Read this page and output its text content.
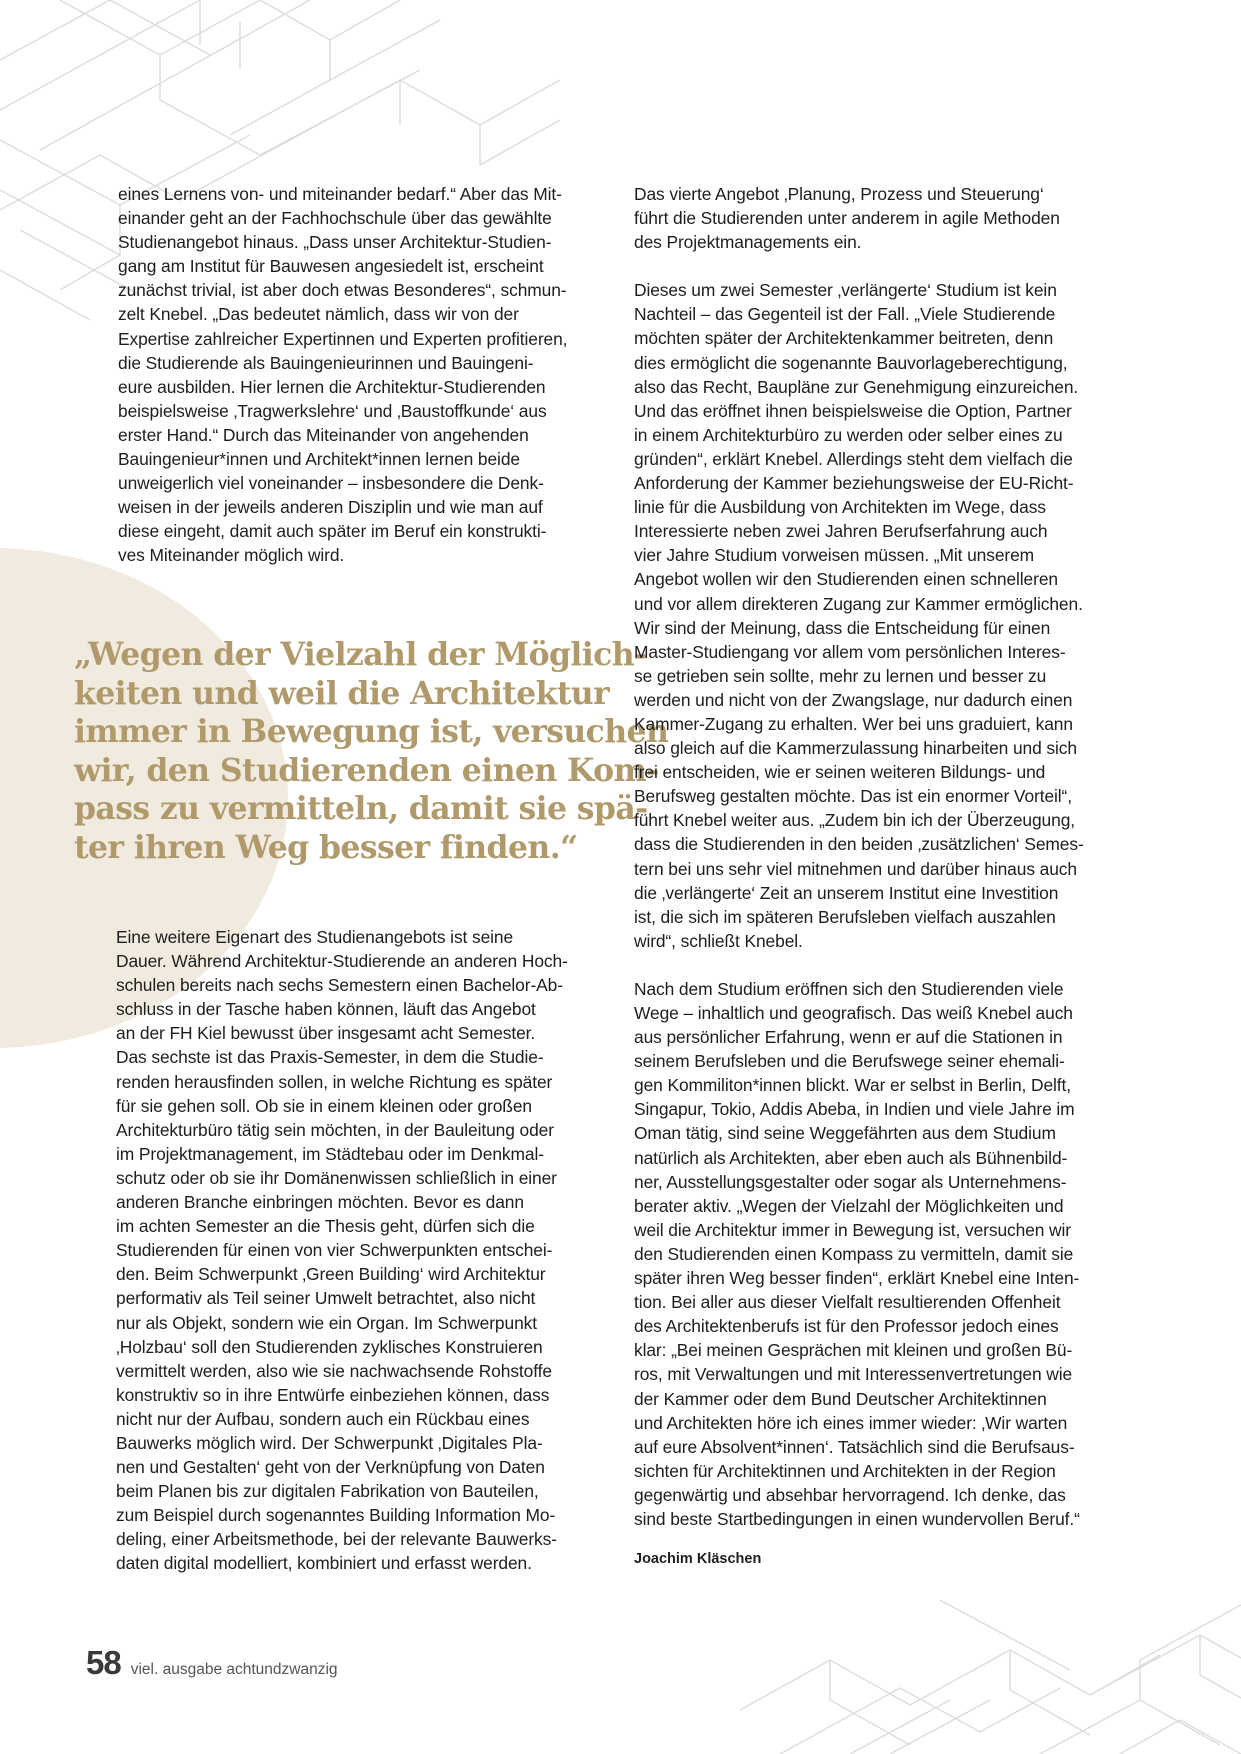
eines Lernens von- und miteinander bedarf.“ Aber das Mit-

einander geht an der Fachhochschule über das gewählte

Studienangebot hinaus. „Dass unser Architektur-Studien-

gang am Institut für Bauwesen angesiedelt ist, erscheint

zunächst trivial, ist aber doch etwas Besonderes“, schmun-

zelt Knebel. „Das bedeutet nämlich, dass wir von der

Expertise zahlreicher Expertinnen und Experten profitieren,

die Studierende als Bauingenieurinnen und Bauingeni-

eure ausbilden. Hier lernen die Architektur-Studierenden

beispielsweise ‚Tragwerkslehre‘ und ‚Baustoffkunde‘ aus

erster Hand.“ Durch das Miteinander von angehenden

Bauingenieur*innen und Architekt*innen lernen beide

unweigerlich viel voneinander – insbesondere die Denk-

weisen in der jeweils anderen Disziplin und wie man auf

diese eingeht, damit auch später im Beruf ein konstrukti-

ves Miteinander möglich wird.

„Wegen der Vielzahl der Möglich-
keiten und weil die Architektur
immer in Bewegung ist, versuchen
wir, den Studierenden einen Kom-
pass zu vermitteln, damit sie spä-
ter ihren Weg besser finden.“

Eine weitere Eigenart des Studienangebots ist seine

Dauer. Während Architektur-Studierende an anderen Hoch-

schulen bereits nach sechs Semestern einen Bachelor-Ab-

schluss in der Tasche haben können, läuft das Angebot

an der FH Kiel bewusst über insgesamt acht Semester.

Das sechste ist das Praxis-Semester, in dem die Studie-

renden herausfinden sollen, in welche Richtung es später

für sie gehen soll. Ob sie in einem kleinen oder großen

Architekturbüro tätig sein möchten, in der Bauleitung oder

im Projektmanagement, im Städtebau oder im Denkmal-

schutz oder ob sie ihr Domänenwissen schließlich in einer

anderen Branche einbringen möchten. Bevor es dann

im achten Semester an die Thesis geht, dürfen sich die

Studierenden für einen von vier Schwerpunkten entschei-

den. Beim Schwerpunkt ‚Green Building‘ wird Architektur

performativ als Teil seiner Umwelt betrachtet, also nicht

nur als Objekt, sondern wie ein Organ. Im Schwerpunkt

‚Holzbau‘ soll den Studierenden zyklisches Konstruieren

vermittelt werden, also wie sie nachwachsende Rohstoffe

konstruktiv so in ihre Entwürfe einbeziehen können, dass

nicht nur der Aufbau, sondern auch ein Rückbau eines

Bauwerks möglich wird. Der Schwerpunkt ‚Digitales Pla-

nen und Gestalten‘ geht von der Verknüpfung von Daten

beim Planen bis zur digitalen Fabrikation von Bauteilen,

zum Beispiel durch sogenanntes Building Information Mo-

deling, einer Arbeitsmethode, bei der relevante Bauwerks-

daten digital modelliert, kombiniert und erfasst werden.

Das vierte Angebot ‚Planung, Prozess und Steuerung‘

führt die Studierenden unter anderem in agile Methoden

des Projektmanagements ein.

Dieses um zwei Semester ‚verlängerte‘ Studium ist kein

Nachteil – das Gegenteil ist der Fall. „Viele Studierende

möchten später der Architektenkammer beitreten, denn

dies ermöglicht die sogenannte Bauvorlageberechtigung,

also das Recht, Baupläne zur Genehmigung einzureichen.

Und das eröffnet ihnen beispielsweise die Option, Partner

in einem Architekturbüro zu werden oder selber eines zu

gründen“, erklärt Knebel. Allerdings steht dem vielfach die

Anforderung der Kammer beziehungsweise der EU-Richt-

linie für die Ausbildung von Architekten im Wege, dass

Interessierte neben zwei Jahren Berufserfahrung auch

vier Jahre Studium vorweisen müssen. „Mit unserem

Angebot wollen wir den Studierenden einen schnelleren

und vor allem direkteren Zugang zur Kammer ermöglichen.

Wir sind der Meinung, dass die Entscheidung für einen

Master-Studiengang vor allem vom persönlichen Interes-

se getrieben sein sollte, mehr zu lernen und besser zu

werden und nicht von der Zwangslage, nur dadurch einen

Kammer-Zugang zu erhalten. Wer bei uns graduiert, kann

also gleich auf die Kammerzulassung hinarbeiten und sich

frei entscheiden, wie er seinen weiteren Bildungs- und

Berufsweg gestalten möchte. Das ist ein enormer Vorteil“,

führt Knebel weiter aus. „Zudem bin ich der Überzeugung,

dass die Studierenden in den beiden ‚zusätzlichen‘ Semes-

tern bei uns sehr viel mitnehmen und darüber hinaus auch

die ‚verlängerte‘ Zeit an unserem Institut eine Investition

ist, die sich im späteren Berufsleben vielfach auszahlen

wird“, schließt Knebel.

Nach dem Studium eröffnen sich den Studierenden viele

Wege – inhaltlich und geografisch. Das weiß Knebel auch

aus persönlicher Erfahrung, wenn er auf die Stationen in

seinem Berufsleben und die Berufswege seiner ehemali-

gen Kommiliton*innen blickt. War er selbst in Berlin, Delft,

Singapur, Tokio, Addis Abeba, in Indien und viele Jahre im

Oman tätig, sind seine Weggefährten aus dem Studium

natürlich als Architekten, aber eben auch als Bühnenbild-

ner, Ausstellungsgestalter oder sogar als Unternehmens-

berater aktiv. „Wegen der Vielzahl der Möglichkeiten und

weil die Architektur immer in Bewegung ist, versuchen wir

den Studierenden einen Kompass zu vermitteln, damit sie

später ihren Weg besser finden“, erklärt Knebel eine Inten-

tion. Bei aller aus dieser Vielfalt resultierenden Offenheit

des Architektenberufs ist für den Professor jedoch eines

klar: „Bei meinen Gesprächen mit kleinen und großen Bü-

ros, mit Verwaltungen und mit Interessenvertretungen wie

der Kammer oder dem Bund Deutscher Architektinnen

und Architekten höre ich eines immer wieder: ‚Wir warten

auf eure Absolvent*innen‘. Tatsächlich sind die Berufsaus-

sichten für Architektinnen und Architekten in der Region

gegenwärtig und absehbar hervorragend. Ich denke, das

sind beste Startbedingungen in einen wundervollen Beruf.“

Joachim Kläschen
58 viel. ausgabe achtundzwanzig
